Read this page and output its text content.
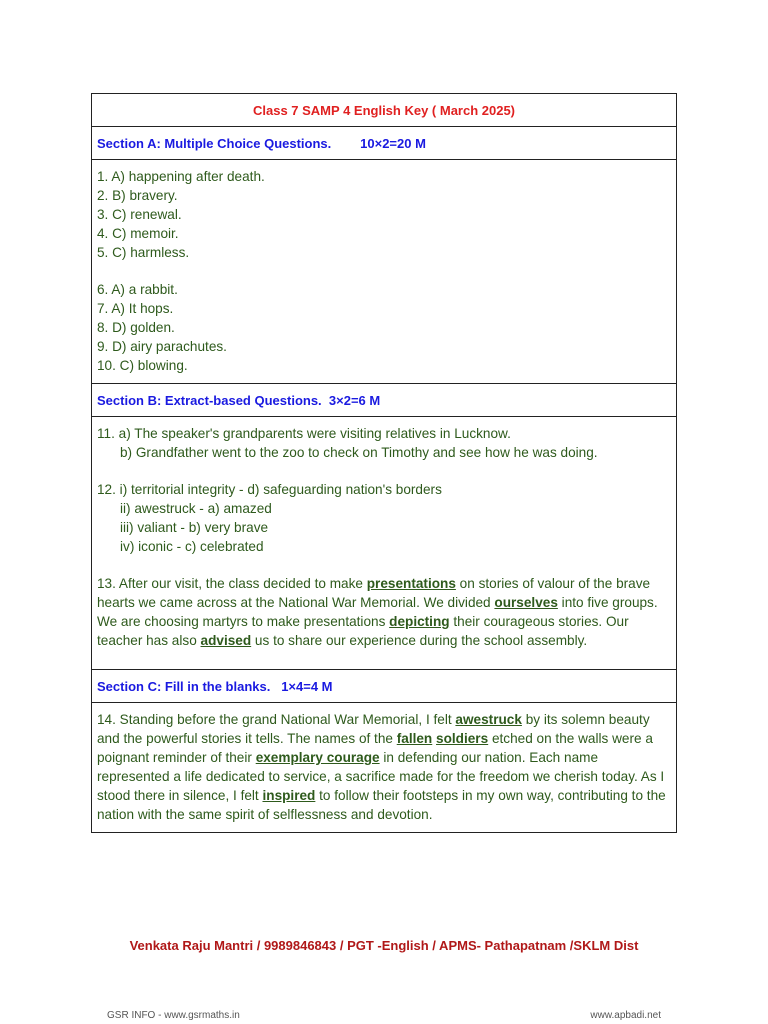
Class 7 SAMP 4 English Key ( March 2025)
Section A: Multiple Choice Questions.        10×2=20 M
1. A) happening after death.
2. B) bravery.
3. C) renewal.
4. C) memoir.
5. C) harmless.
6. A) a rabbit.
7. A) It hops.
8. D) golden.
9. D) airy parachutes.
10. C) blowing.
Section B: Extract-based Questions.  3×2=6 M
11. a) The speaker's grandparents were visiting relatives in Lucknow.
b) Grandfather went to the zoo to check on Timothy and see how he was doing.
12. i) territorial integrity - d) safeguarding nation's borders
ii) awestruck - a) amazed
iii) valiant - b) very brave
iv) iconic - c) celebrated

13. After our visit, the class decided to make presentations on stories of valour of the brave hearts we came across at the National War Memorial. We divided ourselves into five groups. We are choosing martyrs to make presentations depicting their courageous stories. Our teacher has also advised us to share our experience during the school assembly.

Section C: Fill in the blanks.   1×4=4 M

14. Standing before the grand National War Memorial, I felt awestruck by its solemn beauty and the powerful stories it tells. The names of the fallen soldiers etched on the walls were a poignant reminder of their exemplary courage in defending our nation. Each name represented a life dedicated to service, a sacrifice made for the freedom we cherish today. As I stood there in silence, I felt inspired to follow their footsteps in my own way, contributing to the nation with the same spirit of selflessness and devotion.

Venkata Raju Mantri / 9989846843 / PGT -English / APMS- Pathapatnam /SKLM Dist
GSR INFO - www.gsrmaths.in	www.apbadi.net
